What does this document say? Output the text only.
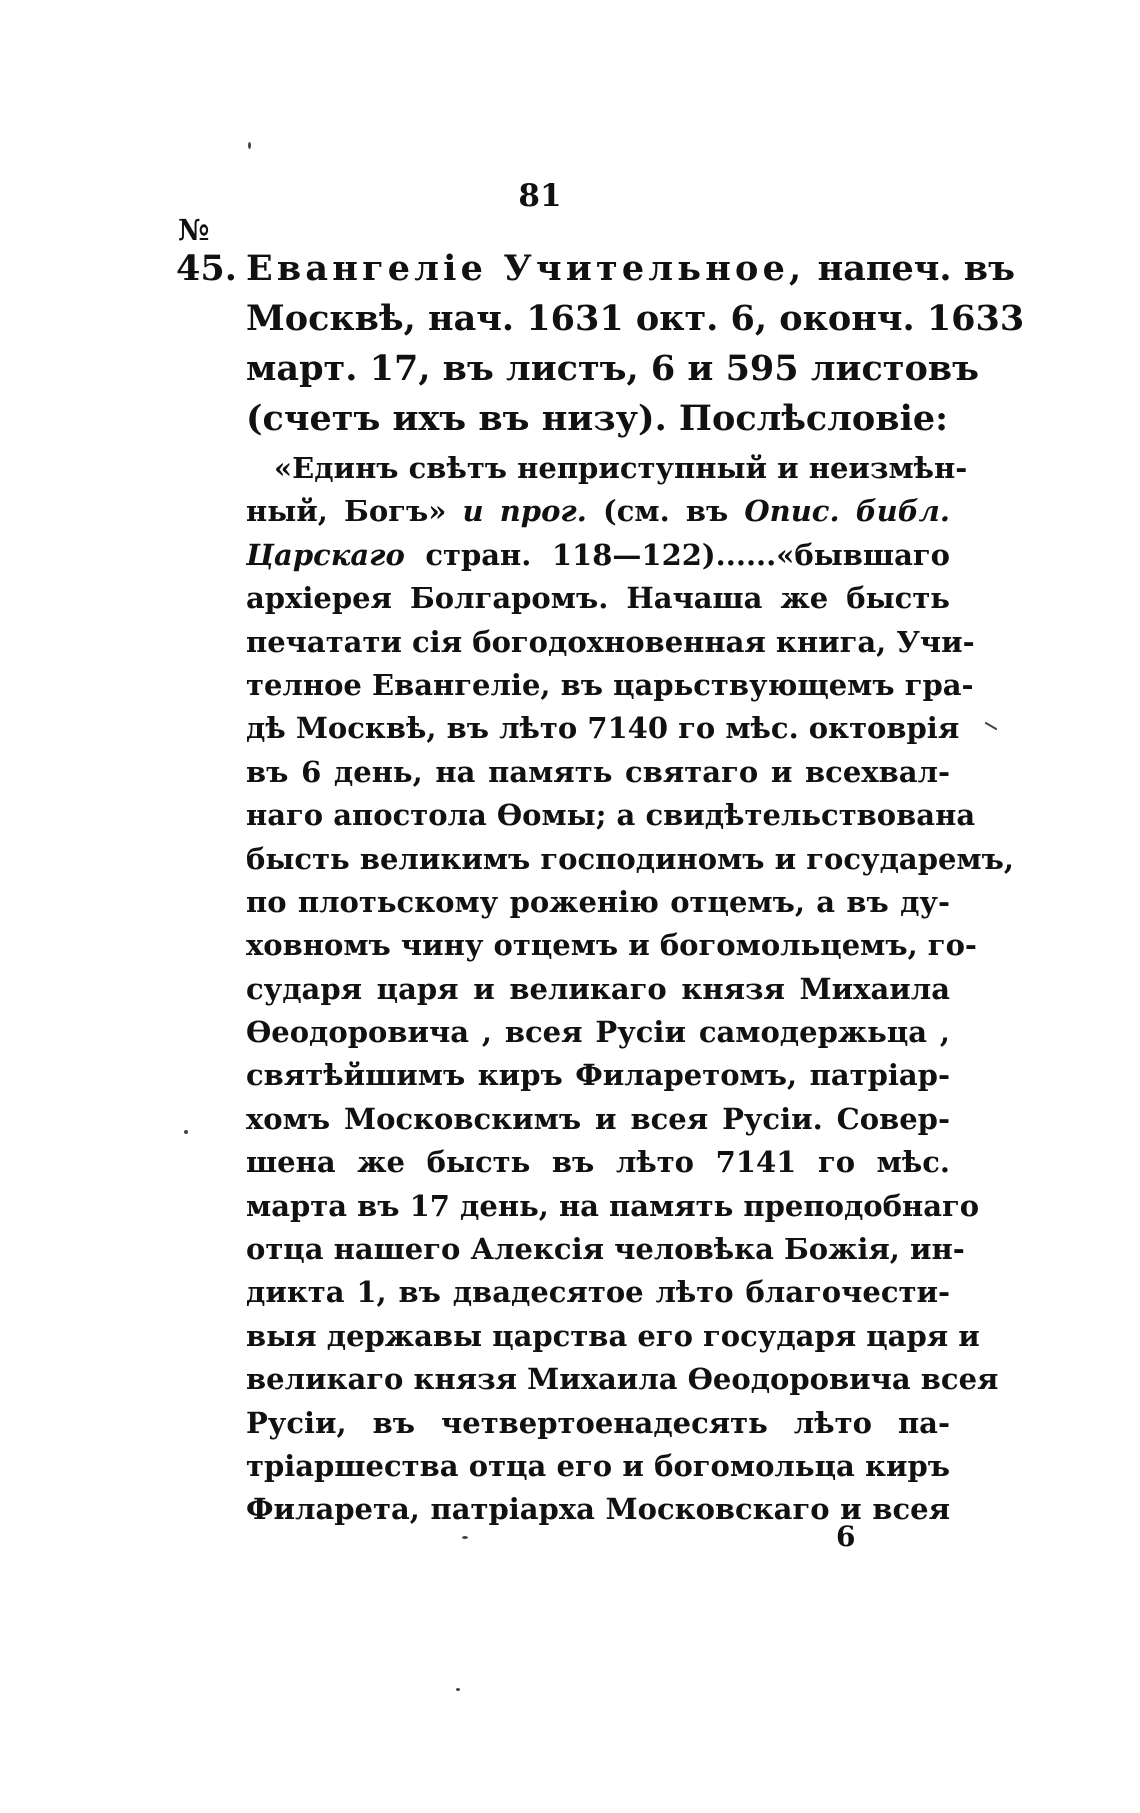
81
№
45. Евангеліе Учительное, напеч. въ
Москвѣ, нач. 1631 окт. 6, оконч. 1633
март. 17, въ листъ, 6 и 595 листовъ
(счетъ ихъ въ низу). Послѣсловіе:
«Единъ свѣтъ неприступный и неизмѣн-
ный, Богъ» и прог. (см. въ Опис. библ.
Царскаго стран. 118—122)......«бывшаго
архіерея Болгаромъ. Начаша же бысть
печатати сія богодохновенная книга, Учи-
телное Евангеліе, въ царьствующемъ гра-
дѣ Москвѣ, въ лѣто 7140 го мѣс. октоврія
въ 6 день, на память святаго и всехвал-
наго апостола Ѳомы; а свидѣтельствована
бысть великимъ господиномъ и государемъ,
по плотьскому роженію отцемъ, а въ ду-
ховномъ чину отцемъ и богомольцемъ, го-
сударя царя и великаго князя Михаила
Ѳеодоровича , всея Русіи самодержьца ,
святѣйшимъ киръ Филаретомъ, патріар-
хомъ Московскимъ и всея Русіи. Совер-
шена же бысть въ лѣто 7141 го мѣс.
марта въ 17 день, на память преподобнаго
отца нашего Алексія человѣка Божія, ин-
дикта 1, въ двадесятое лѣто благочести-
выя державы царства его государя царя и
великаго князя Михаила Ѳеодоровича всея
Русіи, въ четвертоенадесять лѣто па-
тріаршества отца его и богомольца киръ
Филарета, патріарха Московскаго и всея
6
